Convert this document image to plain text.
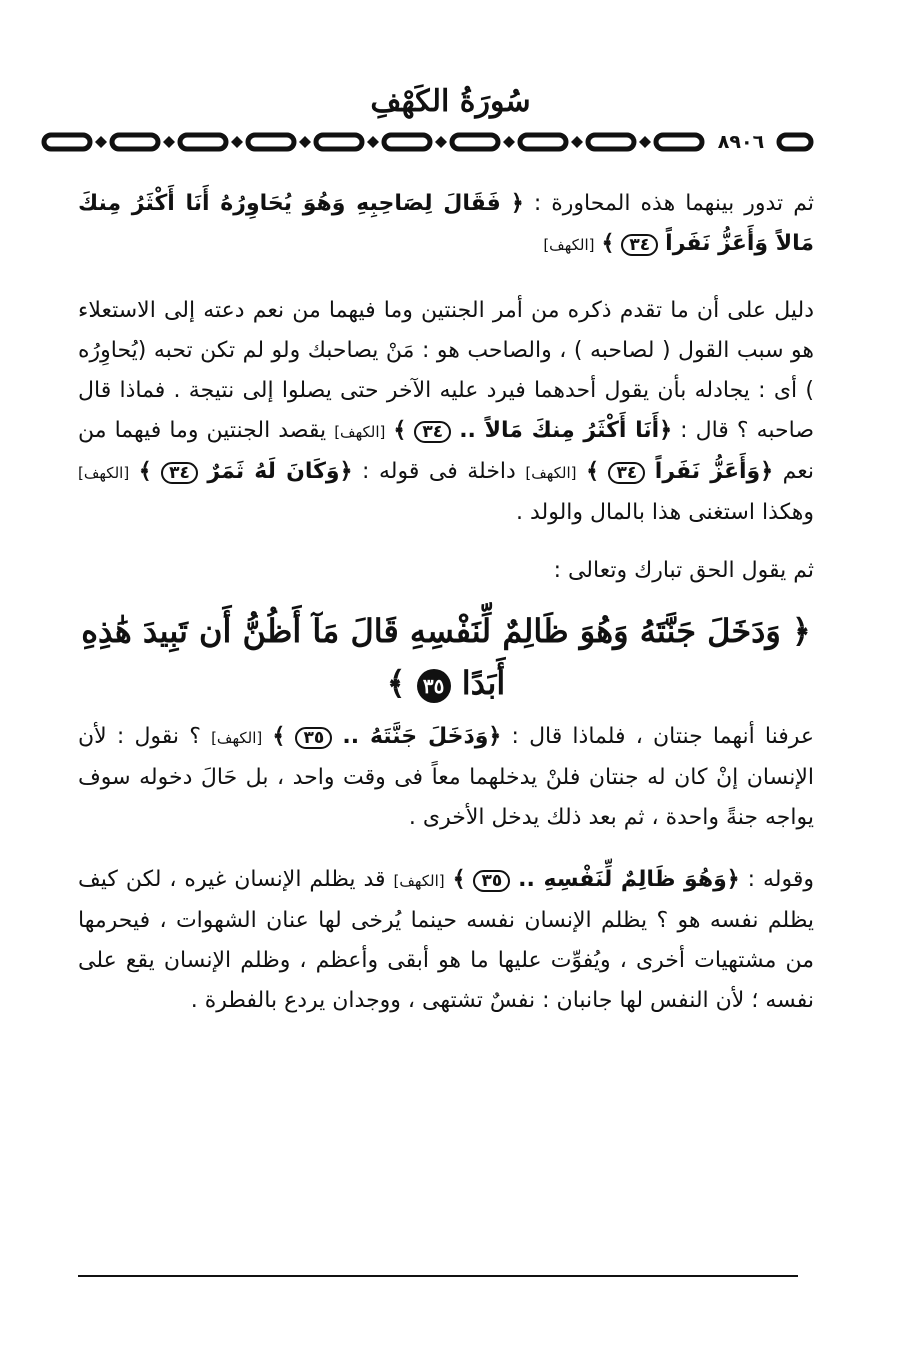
سُورَةُ الكَهْفِ
٨٩٠٦

ثم تدور بينهما هذه المحاورة : ﴿ فَقَالَ لِصَاحِبِهِ وَهُوَ يُحَاوِرُهُ أَنَا أَكْثَرُ مِنكَ مَالاً وَأَعَزُّ نَفَراً ٣٤ ﴾ [الكهف]

دليل على أن ما تقدم ذكره من أمر الجنتين وما فيهما من نعم دعته إلى الاستعلاء هو سبب القول ( لصاحبه ) ، والصاحب هو : مَنْ يصاحبك ولو لم تكن تحبه (يُحاوِرُه ) أى : يجادله بأن يقول أحدهما فيرد عليه الآخر حتى يصلوا إلى نتيجة . فماذا قال صاحبه ؟ قال : ﴿أَنَا أَكْثَرُ مِنكَ مَالاً .. ٣٤ ﴾ [الكهف] يقصد الجنتين وما فيهما من نعم ﴿وَأَعَزُّ نَفَراً ٣٤ ﴾ [الكهف] داخلة فى قوله : ﴿وَكَانَ لَهُ ثَمَرٌ ٣٤ ﴾ [الكهف] وهكذا استغنى هذا بالمال والولد .

ثم يقول الحق تبارك وتعالى :

﴿ وَدَخَلَ جَنَّتَهُ وَهُوَ ظَالِمٌ لِّنَفْسِهِ قَالَ مَآ أَظُنُّ أَن تَبِيدَ هَٰذِهِ أَبَدًا ٣٥ ﴾

عرفنا أنهما جنتان ، فلماذا قال : ﴿وَدَخَلَ جَنَّتَهُ .. ٣٥ ﴾ [الكهف] ؟ نقول : لأن الإنسان إنْ كان له جنتان فلنْ يدخلهما معاً فى وقت واحد ، بل حَالَ دخوله سوف يواجه جنةً واحدة ، ثم بعد ذلك يدخل الأخرى .

وقوله : ﴿وَهُوَ ظَالِمٌ لِّنَفْسِهِ .. ٣٥ ﴾ [الكهف] قد يظلم الإنسان غيره ، لكن كيف يظلم نفسه هو ؟ يظلم الإنسان نفسه حينما يُرخى لها عنان الشهوات ، فيحرمها من مشتهيات أخرى ، ويُفوِّت عليها ما هو أبقى وأعظم ، وظلم الإنسان يقع على نفسه ؛ لأن النفس لها جانبان : نفسٌ تشتهى ، ووجدان يردع بالفطرة .
